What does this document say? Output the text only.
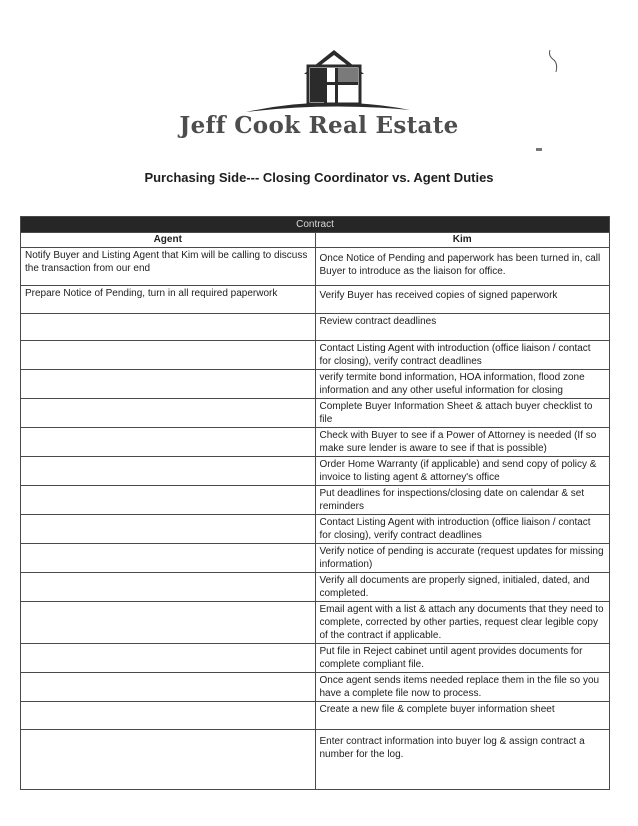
Jeff Cook Real Estate
Purchasing Side--- Closing Coordinator vs. Agent Duties
Contract	
Agent	Kim
Notify Buyer and Listing Agent that Kim will be calling to discuss the transaction from our end	Once Notice of Pending and paperwork has been turned in, call Buyer to introduce as the liaison for office.
Prepare Notice of Pending, turn in all required paperwork	Verify Buyer has received copies of signed paperwork
	Review contract deadlines
	Contact Listing Agent with introduction (office liaison / contact for closing), verify contract deadlines
	verify termite bond information, HOA information, flood zone information and any other useful information for closing
	Complete Buyer Information Sheet & attach buyer checklist to file
	Check with Buyer to see if a Power of Attorney is needed (If so make sure lender is aware to see if that is possible)
	Order Home Warranty (if applicable) and send copy of policy & invoice to listing agent & attorney's office
	Put deadlines for inspections/closing date on calendar & set reminders
	Contact Listing Agent with introduction (office liaison / contact for closing), verify contract deadlines
	Verify notice of pending is accurate (request updates for missing information)
	Verify all documents are properly signed, initialed, dated, and completed.
	Email agent with a list & attach any documents that they need to complete, corrected by other parties, request clear legible copy of the contract if applicable.
	Put file in Reject cabinet until agent provides documents for complete compliant file.
	Once agent sends items needed replace them in the file so you have a complete file now to process.
	Create a new file & complete buyer information sheet
	Enter contract information into buyer log & assign contract a number for the log.
